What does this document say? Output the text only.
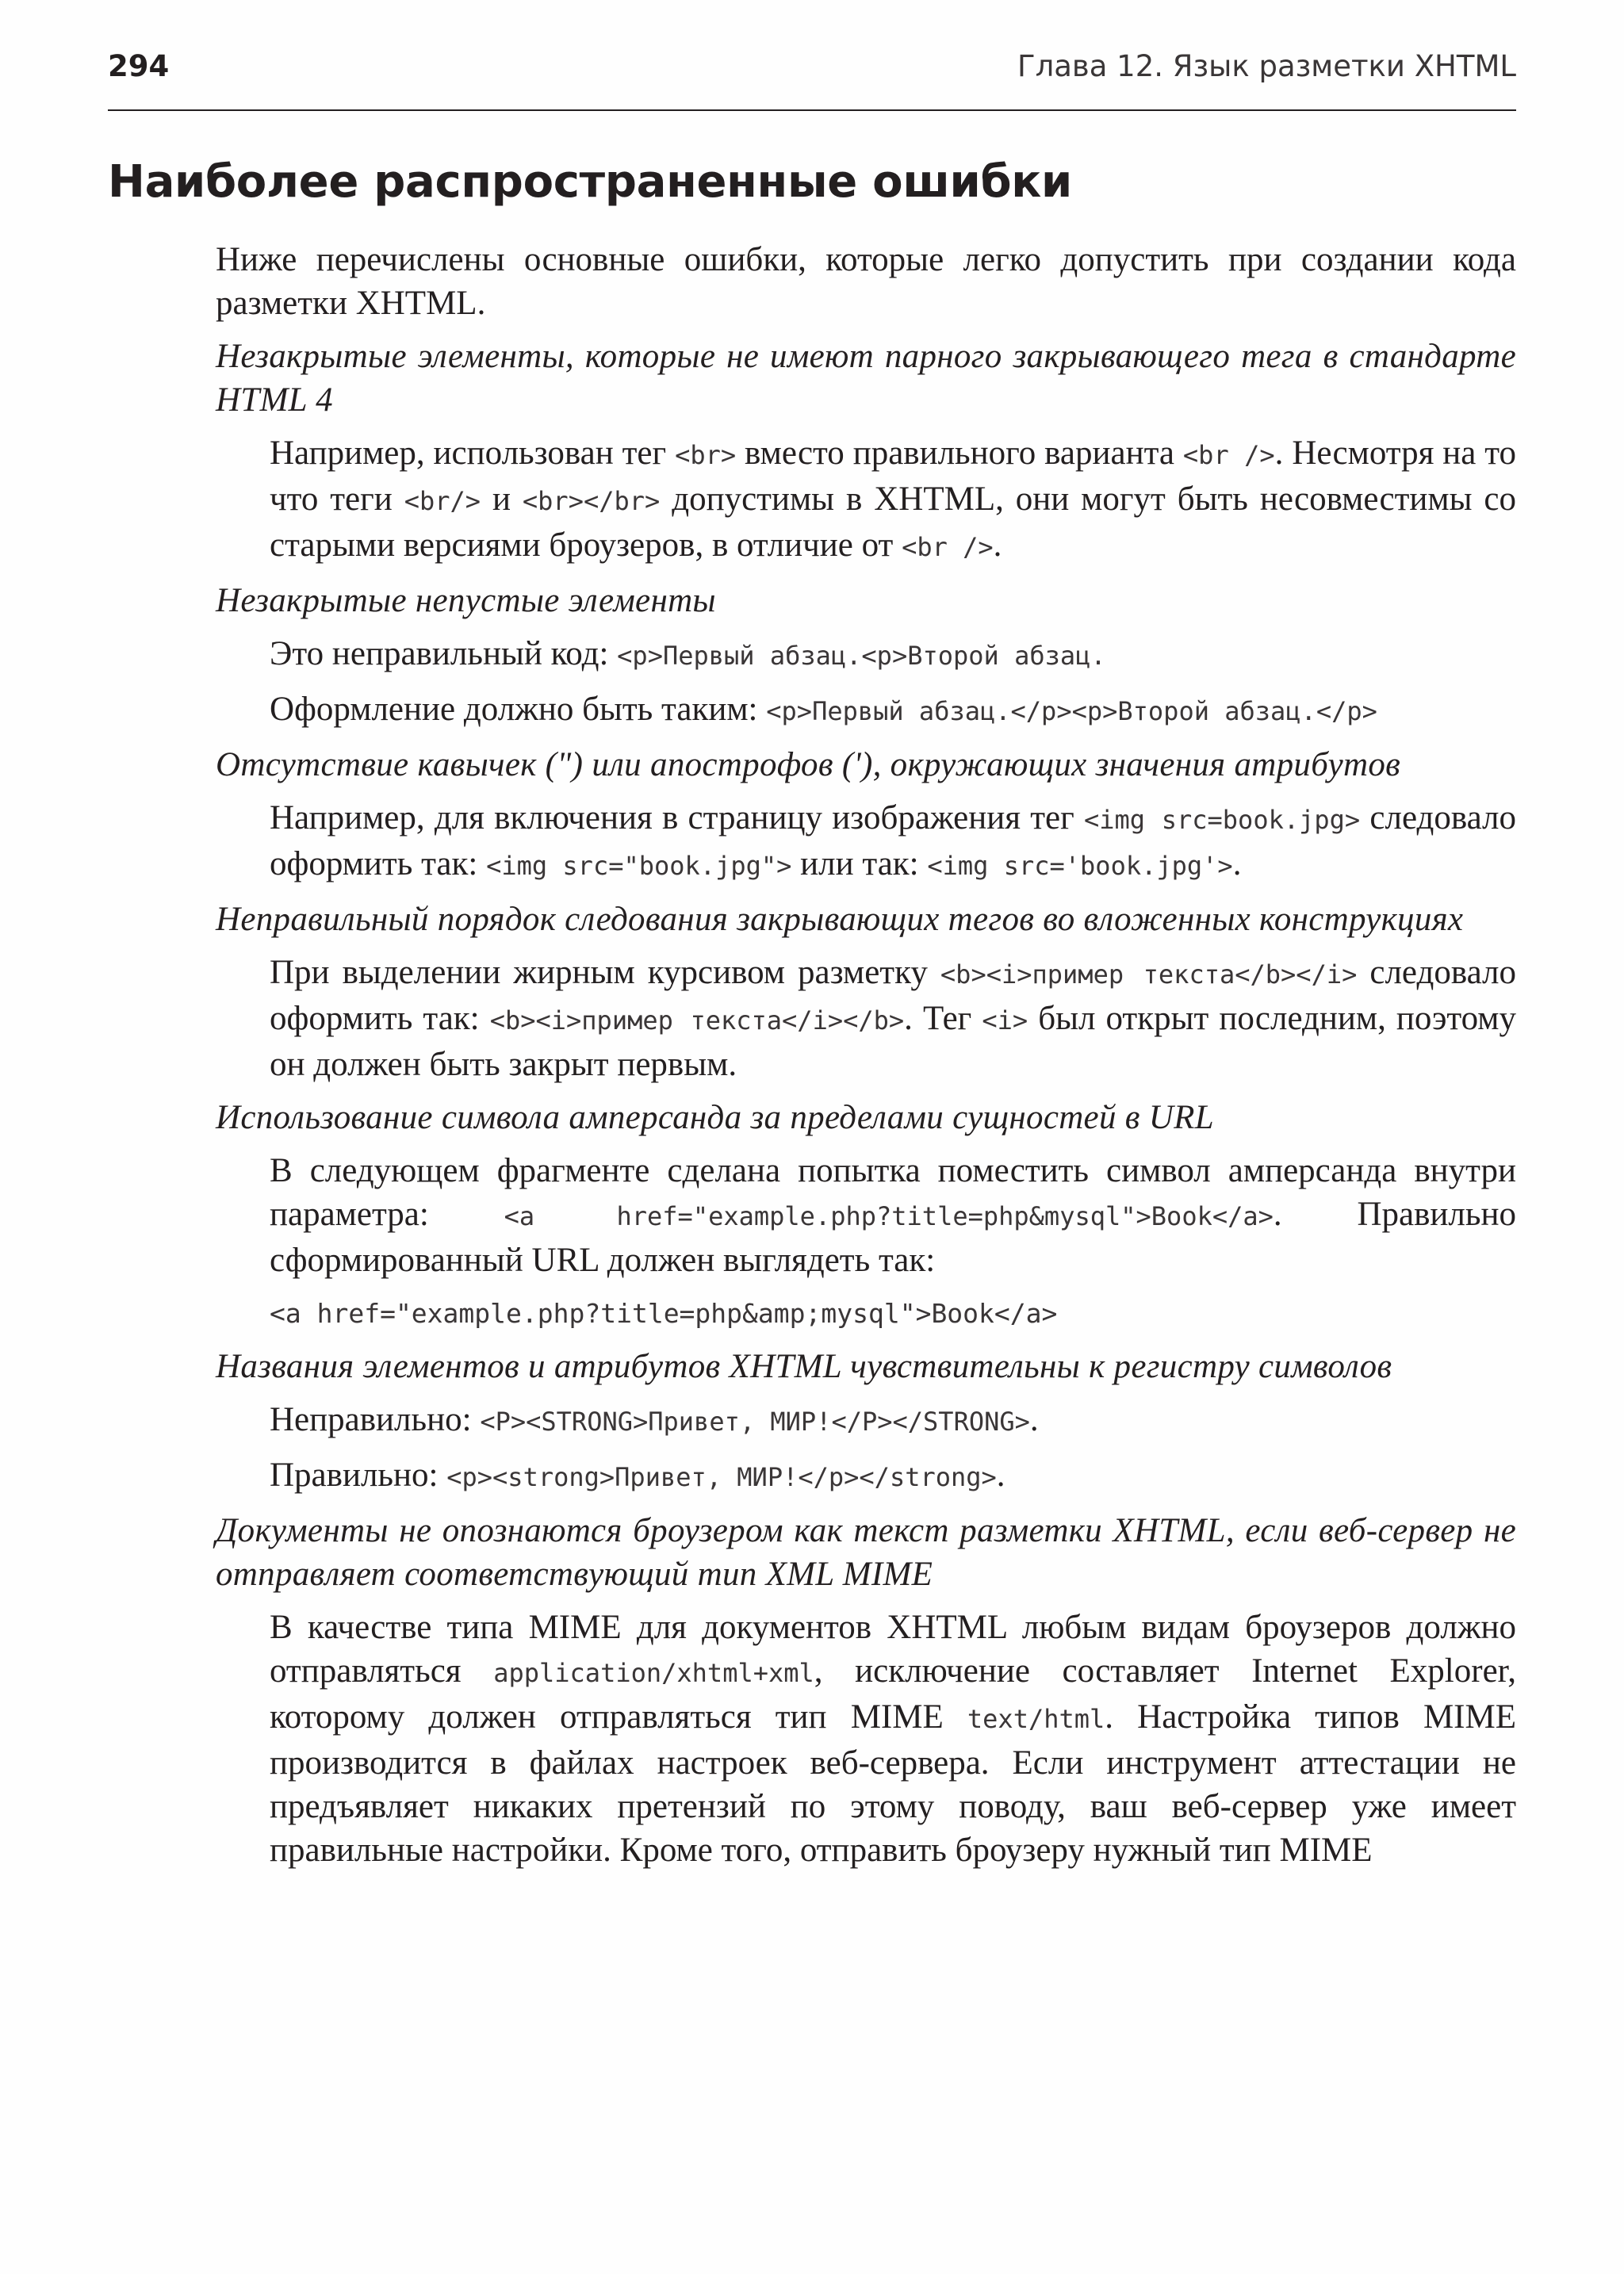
294	Глава 12. Язык разметки XHTML
Наиболее распространенные ошибки

Ниже перечислены основные ошибки, которые легко допустить при создании кода разметки XHTML.

Незакрытые элементы, которые не имеют парного закрывающего тега в стандарте HTML 4

Например, использован тег <br> вместо правильного варианта <br />. Несмотря на то что теги <br/> и <br></br> допустимы в XHTML, они могут быть несовместимы со старыми версиями броузеров, в отличие от <br />.

Незакрытые непустые элементы

Это неправильный код: <p>Первый абзац.<p>Второй абзац.

Оформление должно быть таким: <p>Первый абзац.</p><p>Второй абзац.</p>

Отсутствие кавычек (") или апострофов ('), окружающих значения атрибутов

Например, для включения в страницу изображения тег <img src=book.jpg> следовало оформить так: <img src="book.jpg"> или так: <img src='book.jpg'>.

Неправильный порядок следования закрывающих тегов во вложенных конструкциях

При выделении жирным курсивом разметку <b><i>пример текста</b></i> следовало оформить так: <b><i>пример текста</i></b>. Тег <i> был открыт последним, поэтому он должен быть закрыт первым.

Использование символа амперсанда за пределами сущностей в URL

В следующем фрагменте сделана попытка поместить символ амперсанда внутри параметра: <a href="example.php?title=php&mysql">Book</a>. Правильно сформированный URL должен выглядеть так:

<a href="example.php?title=php&amp;mysql">Book</a>

Названия элементов и атрибутов XHTML чувствительны к регистру символов

Неправильно: <P><STRONG>Привет, МИР!</P></STRONG>.

Правильно: <p><strong>Привет, МИР!</p></strong>.

Документы не опознаются броузером как текст разметки XHTML, если веб-сервер не отправляет соответствующий тип XML MIME

В качестве типа MIME для документов XHTML любым видам броузеров должно отправляться application/xhtml+xml, исключение составляет Internet Explorer, которому должен отправляться тип MIME text/html. Настройка типов MIME производится в файлах настроек веб-сервера. Если инструмент аттестации не предъявляет никаких претензий по этому поводу, ваш веб-сервер уже имеет правильные настройки. Кроме того, отправить броузеру нужный тип MIME
